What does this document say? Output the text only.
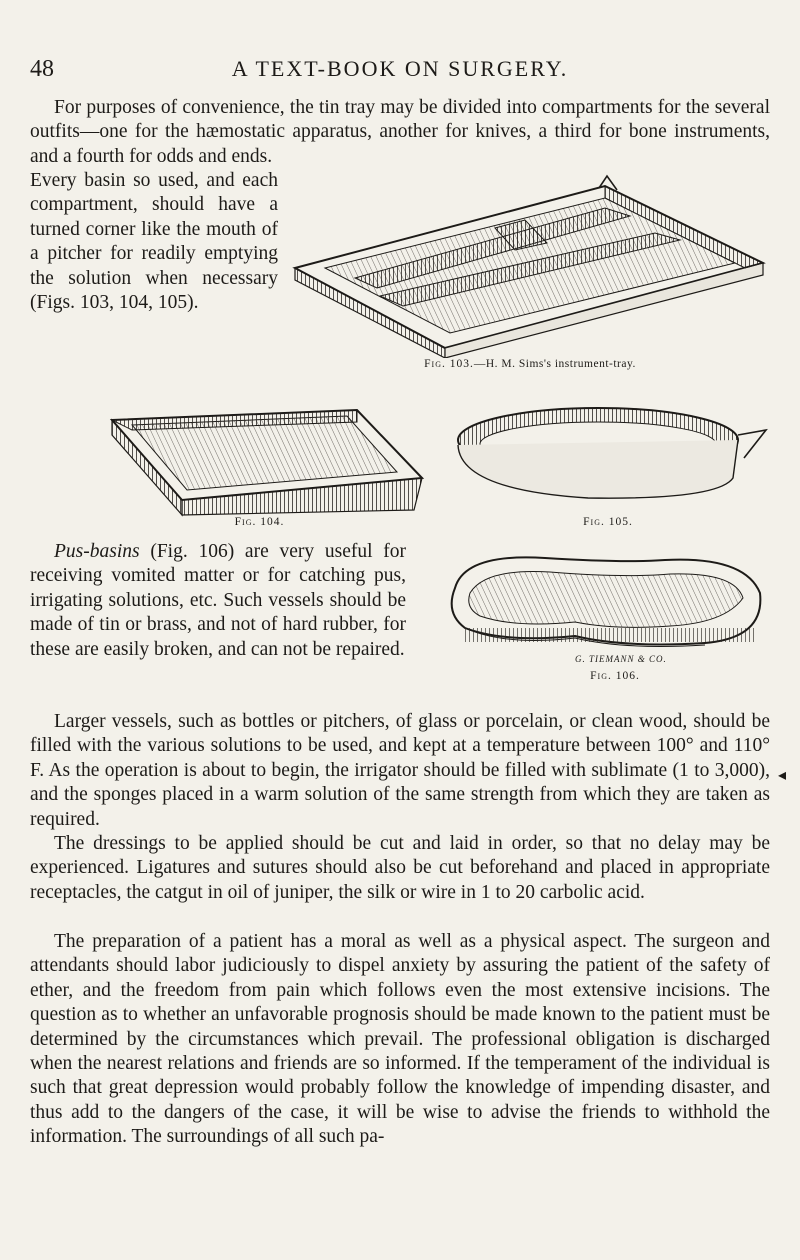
48	A TEXT-BOOK ON SURGERY.

For purposes of convenience, the tin tray may be divided into compartments for the several outfits—one for the hæmostatic apparatus, another for knives, a third for bone instruments, and a fourth for odds and ends.

Every basin so used, and each compartment, should have a turned corner like the mouth of a pitcher for readily emptying the solution when necessary (Figs. 103, 104, 105).

Fig. 103.—H. M. Sims's instrument-tray.
Fig. 104.	Fig. 105.

Pus-basins (Fig. 106) are very useful for receiving vomited matter or for catching pus, irrigating solutions, etc. Such vessels should be made of tin or brass, and not of hard rubber, for these are easily broken, and can not be repaired.	G. TIEMANN & CO.
Fig. 106.

Larger vessels, such as bottles or pitchers, of glass or porcelain, or clean wood, should be filled with the various solutions to be used, and kept at a temperature between 100° and 110° F. As the operation is about to begin, the irrigator should be filled with sublimate (1 to 3,000), and the sponges placed in a warm solution of the same strength from which they are taken as required.

The dressings to be applied should be cut and laid in order, so that no delay may be experienced. Ligatures and sutures should also be cut beforehand and placed in appropriate receptacles, the catgut in oil of juniper, the silk or wire in 1 to 20 carbolic acid.

The preparation of a patient has a moral as well as a physical aspect. The surgeon and attendants should labor judiciously to dispel anxiety by assuring the patient of the safety of ether, and the freedom from pain which follows even the most extensive incisions. The question as to whether an unfavorable prognosis should be made known to the patient must be determined by the circumstances which prevail. The professional obligation is discharged when the nearest relations and friends are so informed. If the temperament of the individual is such that great depression would probably follow the knowledge of impending disaster, and thus add to the dangers of the case, it will be wise to advise the friends to withhold the information. The surroundings of all such pa-

◂
